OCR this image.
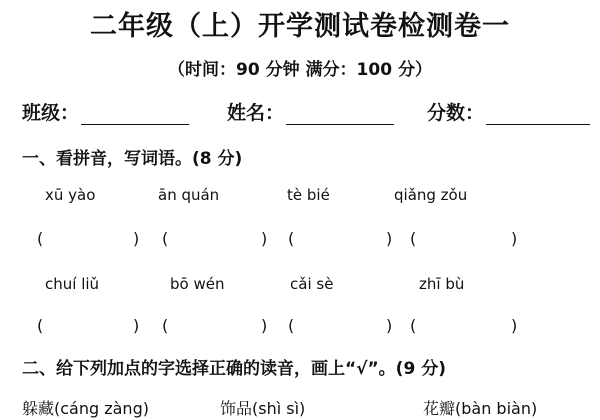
二年级（上）开学测试卷检测卷一
（时间：90 分钟 满分：100 分）
班级：	姓名：	分数：
一、看拼音，写词语。(8 分)
xū yào	ān quán	tè bié	qiǎng zǒu
(	) (	) (	) (	)
chuí liǔ	bō wén	cǎi sè	zhī bù
(	) (	) (	) (	)
二、给下列加点的字选择正确的读音，画上“√”。(9 分)
躲藏(cáng zàng)	饰品(shì sì)	花瓣(bàn biàn)
